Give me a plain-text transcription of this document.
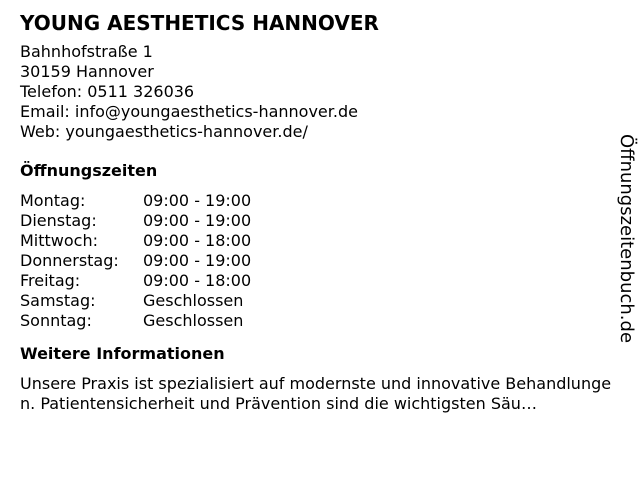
YOUNG AESTHETICS HANNOVER
Bahnhofstraße 1
30159 Hannover
Telefon: 0511 326036
Email: info@youngaesthetics-hannover.de
Web: youngaesthetics-hannover.de/
Öffnungszeiten
Montag:	09:00 - 19:00
Dienstag:	09:00 - 19:00
Mittwoch:	09:00 - 18:00
Donnerstag:	09:00 - 19:00
Freitag:	09:00 - 18:00
Samstag:	Geschlossen
Sonntag:	Geschlossen
Weitere Informationen
Unsere Praxis ist spezialisiert auf modernste und innovative Behandlungen. Patientensicherheit und Prävention sind die wichtigsten Säu…
Öffnungszeitenbuch.de
